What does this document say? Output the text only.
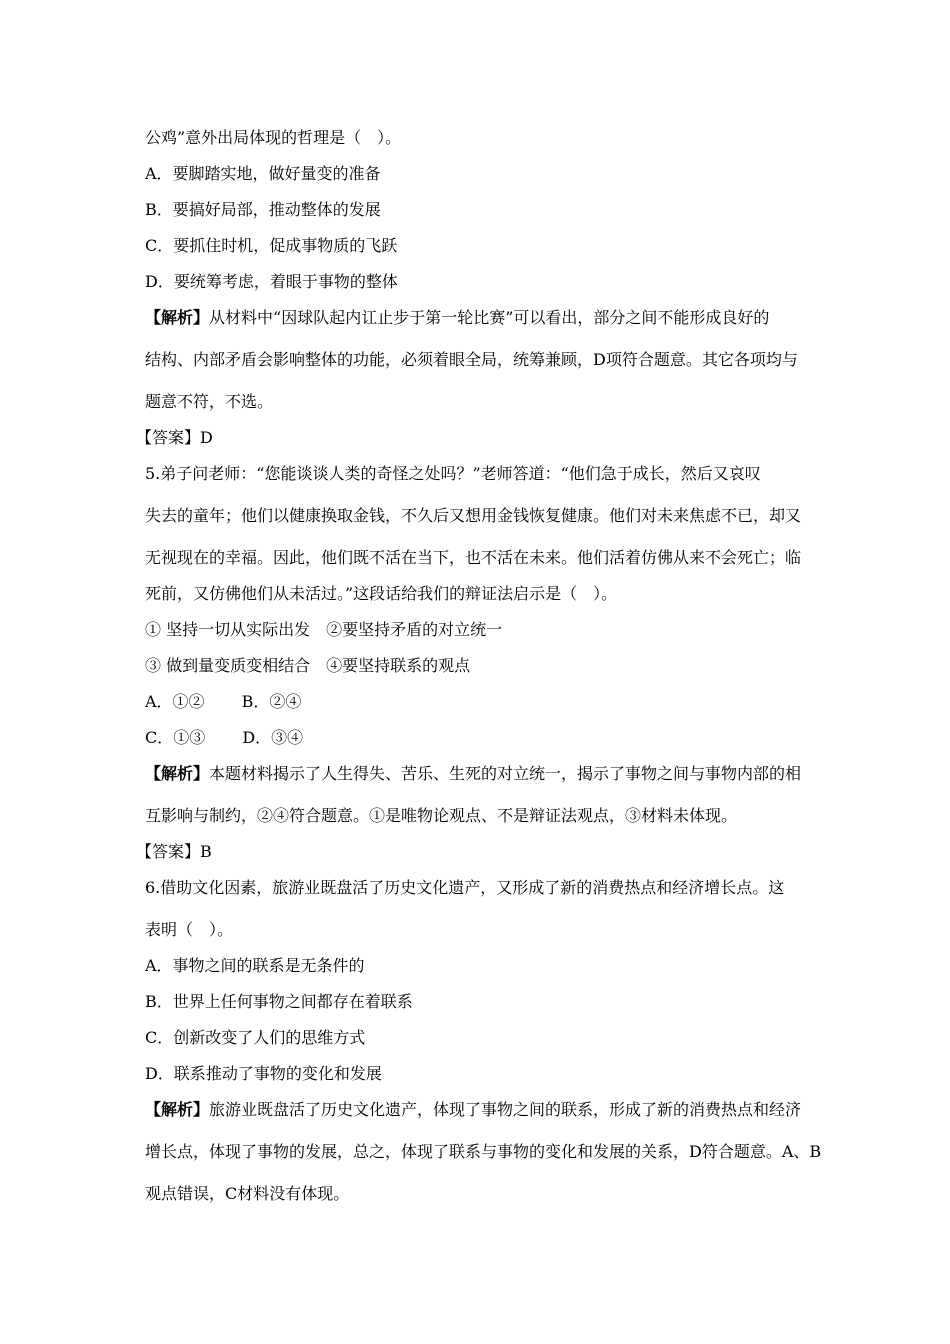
公鸡”意外出局体现的哲理是（　）。
A．要脚踏实地，做好量变的准备
B．要搞好局部，推动整体的发展
C．要抓住时机，促成事物质的飞跃
D．要统筹考虑，着眼于事物的整体
【解析】从材料中“因球队起内讧止步于第一轮比赛”可以看出，部分之间不能形成良好的
结构、内部矛盾会影响整体的功能，必须着眼全局，统筹兼顾，D项符合题意。其它各项均与
题意不符，不选。
【答案】D
5.弟子问老师：“您能谈谈人类的奇怪之处吗？”老师答道：“他们急于成长，然后又哀叹
失去的童年；他们以健康换取金钱，不久后又想用金钱恢复健康。他们对未来焦虑不已，却又
无视现在的幸福。因此，他们既不活在当下，也不活在未来。他们活着仿佛从来不会死亡；临
死前，又仿佛他们从未活过。”这段话给我们的辩证法启示是（　）。
① 坚持一切从实际出发　②要坚持矛盾的对立统一
③ 做到量变质变相结合　④要坚持联系的观点
A．①②　　 B．②④
C．①③　　 D．③④
【解析】本题材料揭示了人生得失、苦乐、生死的对立统一，揭示了事物之间与事物内部的相
互影响与制约，②④符合题意。①是唯物论观点、不是辩证法观点，③材料未体现。
【答案】B
6.借助文化因素，旅游业既盘活了历史文化遗产，又形成了新的消费热点和经济增长点。这
表明（　）。
A．事物之间的联系是无条件的
B．世界上任何事物之间都存在着联系
C．创新改变了人们的思维方式
D．联系推动了事物的变化和发展
【解析】旅游业既盘活了历史文化遗产，体现了事物之间的联系，形成了新的消费热点和经济
增长点，体现了事物的发展，总之，体现了联系与事物的变化和发展的关系，D符合题意。A、B
观点错误，C材料没有体现。
